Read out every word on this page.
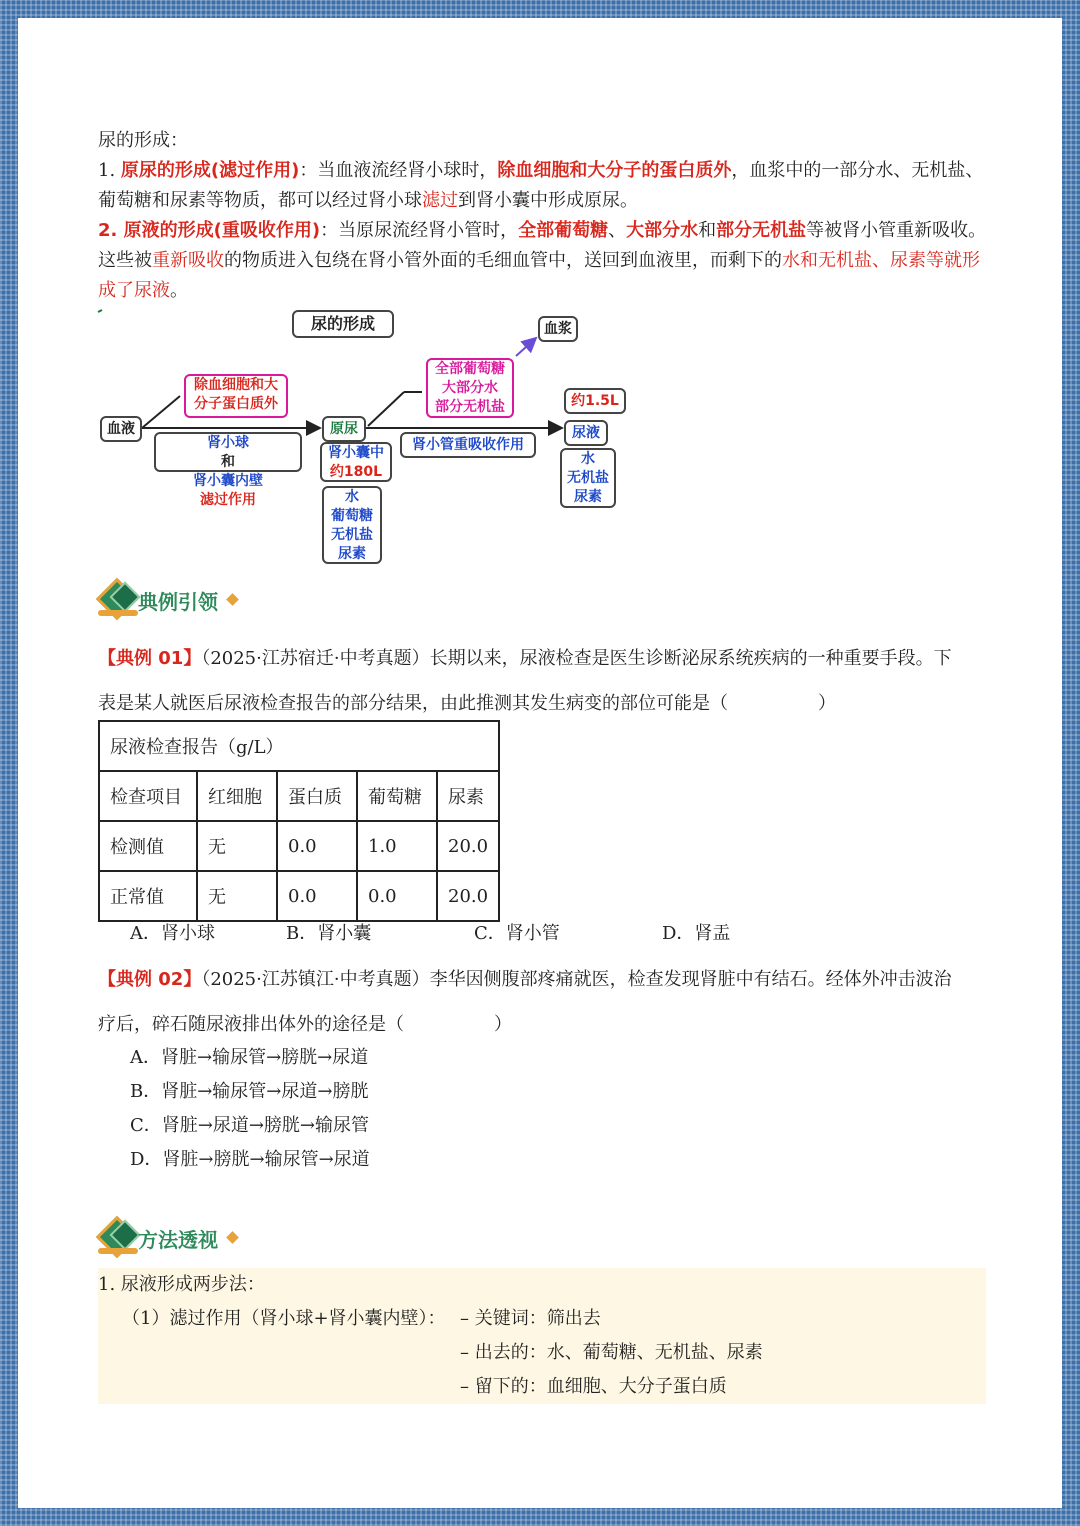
尿的形成：
1. 原尿的形成(滤过作用)：当血液流经肾小球时，除血细胞和大分子的蛋白质外，血浆中的一部分水、无机盐、葡萄糖和尿素等物质，都可以经过肾小球滤过到肾小囊中形成原尿。
2. 原液的形成(重吸收作用)：当原尿流经肾小管时，全部葡萄糖、大部分水和部分无机盐等被肾小管重新吸收。这些被重新吸收的物质进入包绕在肾小管外面的毛细血管中，送回到血液里，而剩下的水和无机盐、尿素等就形成了尿液。
尿的形成
血液
除血细胞和大
分子蛋白质外
肾小球
和
肾小囊内壁
滤过作用
原尿
肾小囊中
约180L
水
葡萄糖
无机盐
尿素
全部葡萄糖
大部分水
部分无机盐
血浆
肾小管重吸收作用
约1.5L
尿液
水
无机盐
尿素
典例引领
【典例 01】（2025·江苏宿迁·中考真题）长期以来，尿液检查是医生诊断泌尿系统疾病的一种重要手段。下
表是某人就医后尿液检查报告的部分结果，由此推测其发生病变的部位可能是（　　　　　）
尿液检查报告（g/L）				
检查项目	红细胞	蛋白质	葡萄糖	尿素
检测值	无	0.0	1.0	20.0
正常值	无	0.0	0.0	20.0
A．肾小球	B．肾小囊	C．肾小管	D．肾盂
【典例 02】（2025·江苏镇江·中考真题）李华因侧腹部疼痛就医，检查发现肾脏中有结石。经体外冲击波治
疗后，碎石随尿液排出体外的途径是（　　　　　）
A．肾脏→输尿管→膀胱→尿道
B．肾脏→输尿管→尿道→膀胱
C．肾脏→尿道→膀胱→输尿管
D．肾脏→膀胱→输尿管→尿道
方法透视
1. 尿液形成两步法：
（1）滤过作用（肾小球+肾小囊内壁）： – 关键词：筛出去
– 出去的：水、葡萄糖、无机盐、尿素
– 留下的：血细胞、大分子蛋白质
